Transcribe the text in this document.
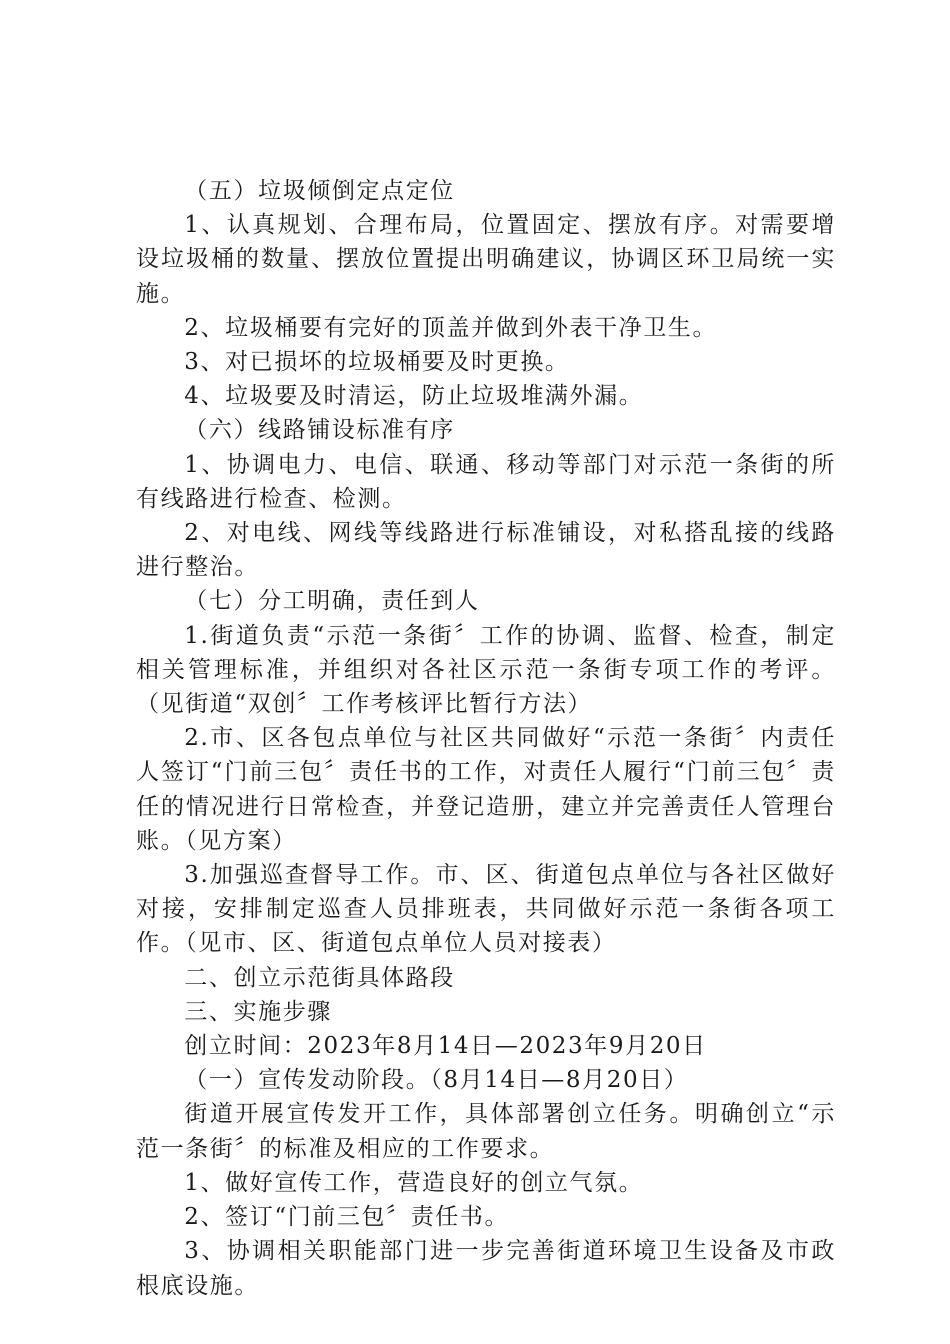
（五）垃圾倾倒定点定位

1、认真规划、合理布局，位置固定、摆放有序。对需要增设垃圾桶的数量、摆放位置提出明确建议，协调区环卫局统一实施。

2、垃圾桶要有完好的顶盖并做到外表干净卫生。

3、对已损坏的垃圾桶要及时更换。

4、垃圾要及时清运，防止垃圾堆满外漏。

（六）线路铺设标准有序

1、协调电力、电信、联通、移动等部门对示范一条街的所有线路进行检查、检测。

2、对电线、网线等线路进行标准铺设，对私搭乱接的线路进行整治。

（七）分工明确，责任到人

1.街道负责“示范一条街〞工作的协调、监督、检查，制定相关管理标准，并组织对各社区示范一条街专项工作的考评。（见街道“双创〞工作考核评比暂行方法）

2.市、区各包点单位与社区共同做好“示范一条街〞内责任人签订“门前三包〞责任书的工作，对责任人履行“门前三包〞责任的情况进行日常检查，并登记造册，建立并完善责任人管理台账。（见方案）

3.加强巡查督导工作。市、区、街道包点单位与各社区做好对接，安排制定巡查人员排班表，共同做好示范一条街各项工作。（见市、区、街道包点单位人员对接表）

二、创立示范街具体路段

三、实施步骤

创立时间：2023年8月14日—2023年9月20日

（一）宣传发动阶段。（8月14日—8月20日）

街道开展宣传发开工作，具体部署创立任务。明确创立“示范一条街〞的标准及相应的工作要求。

1、做好宣传工作，营造良好的创立气氛。

2、签订“门前三包〞责任书。

3、协调相关职能部门进一步完善街道环境卫生设备及市政根底设施。
